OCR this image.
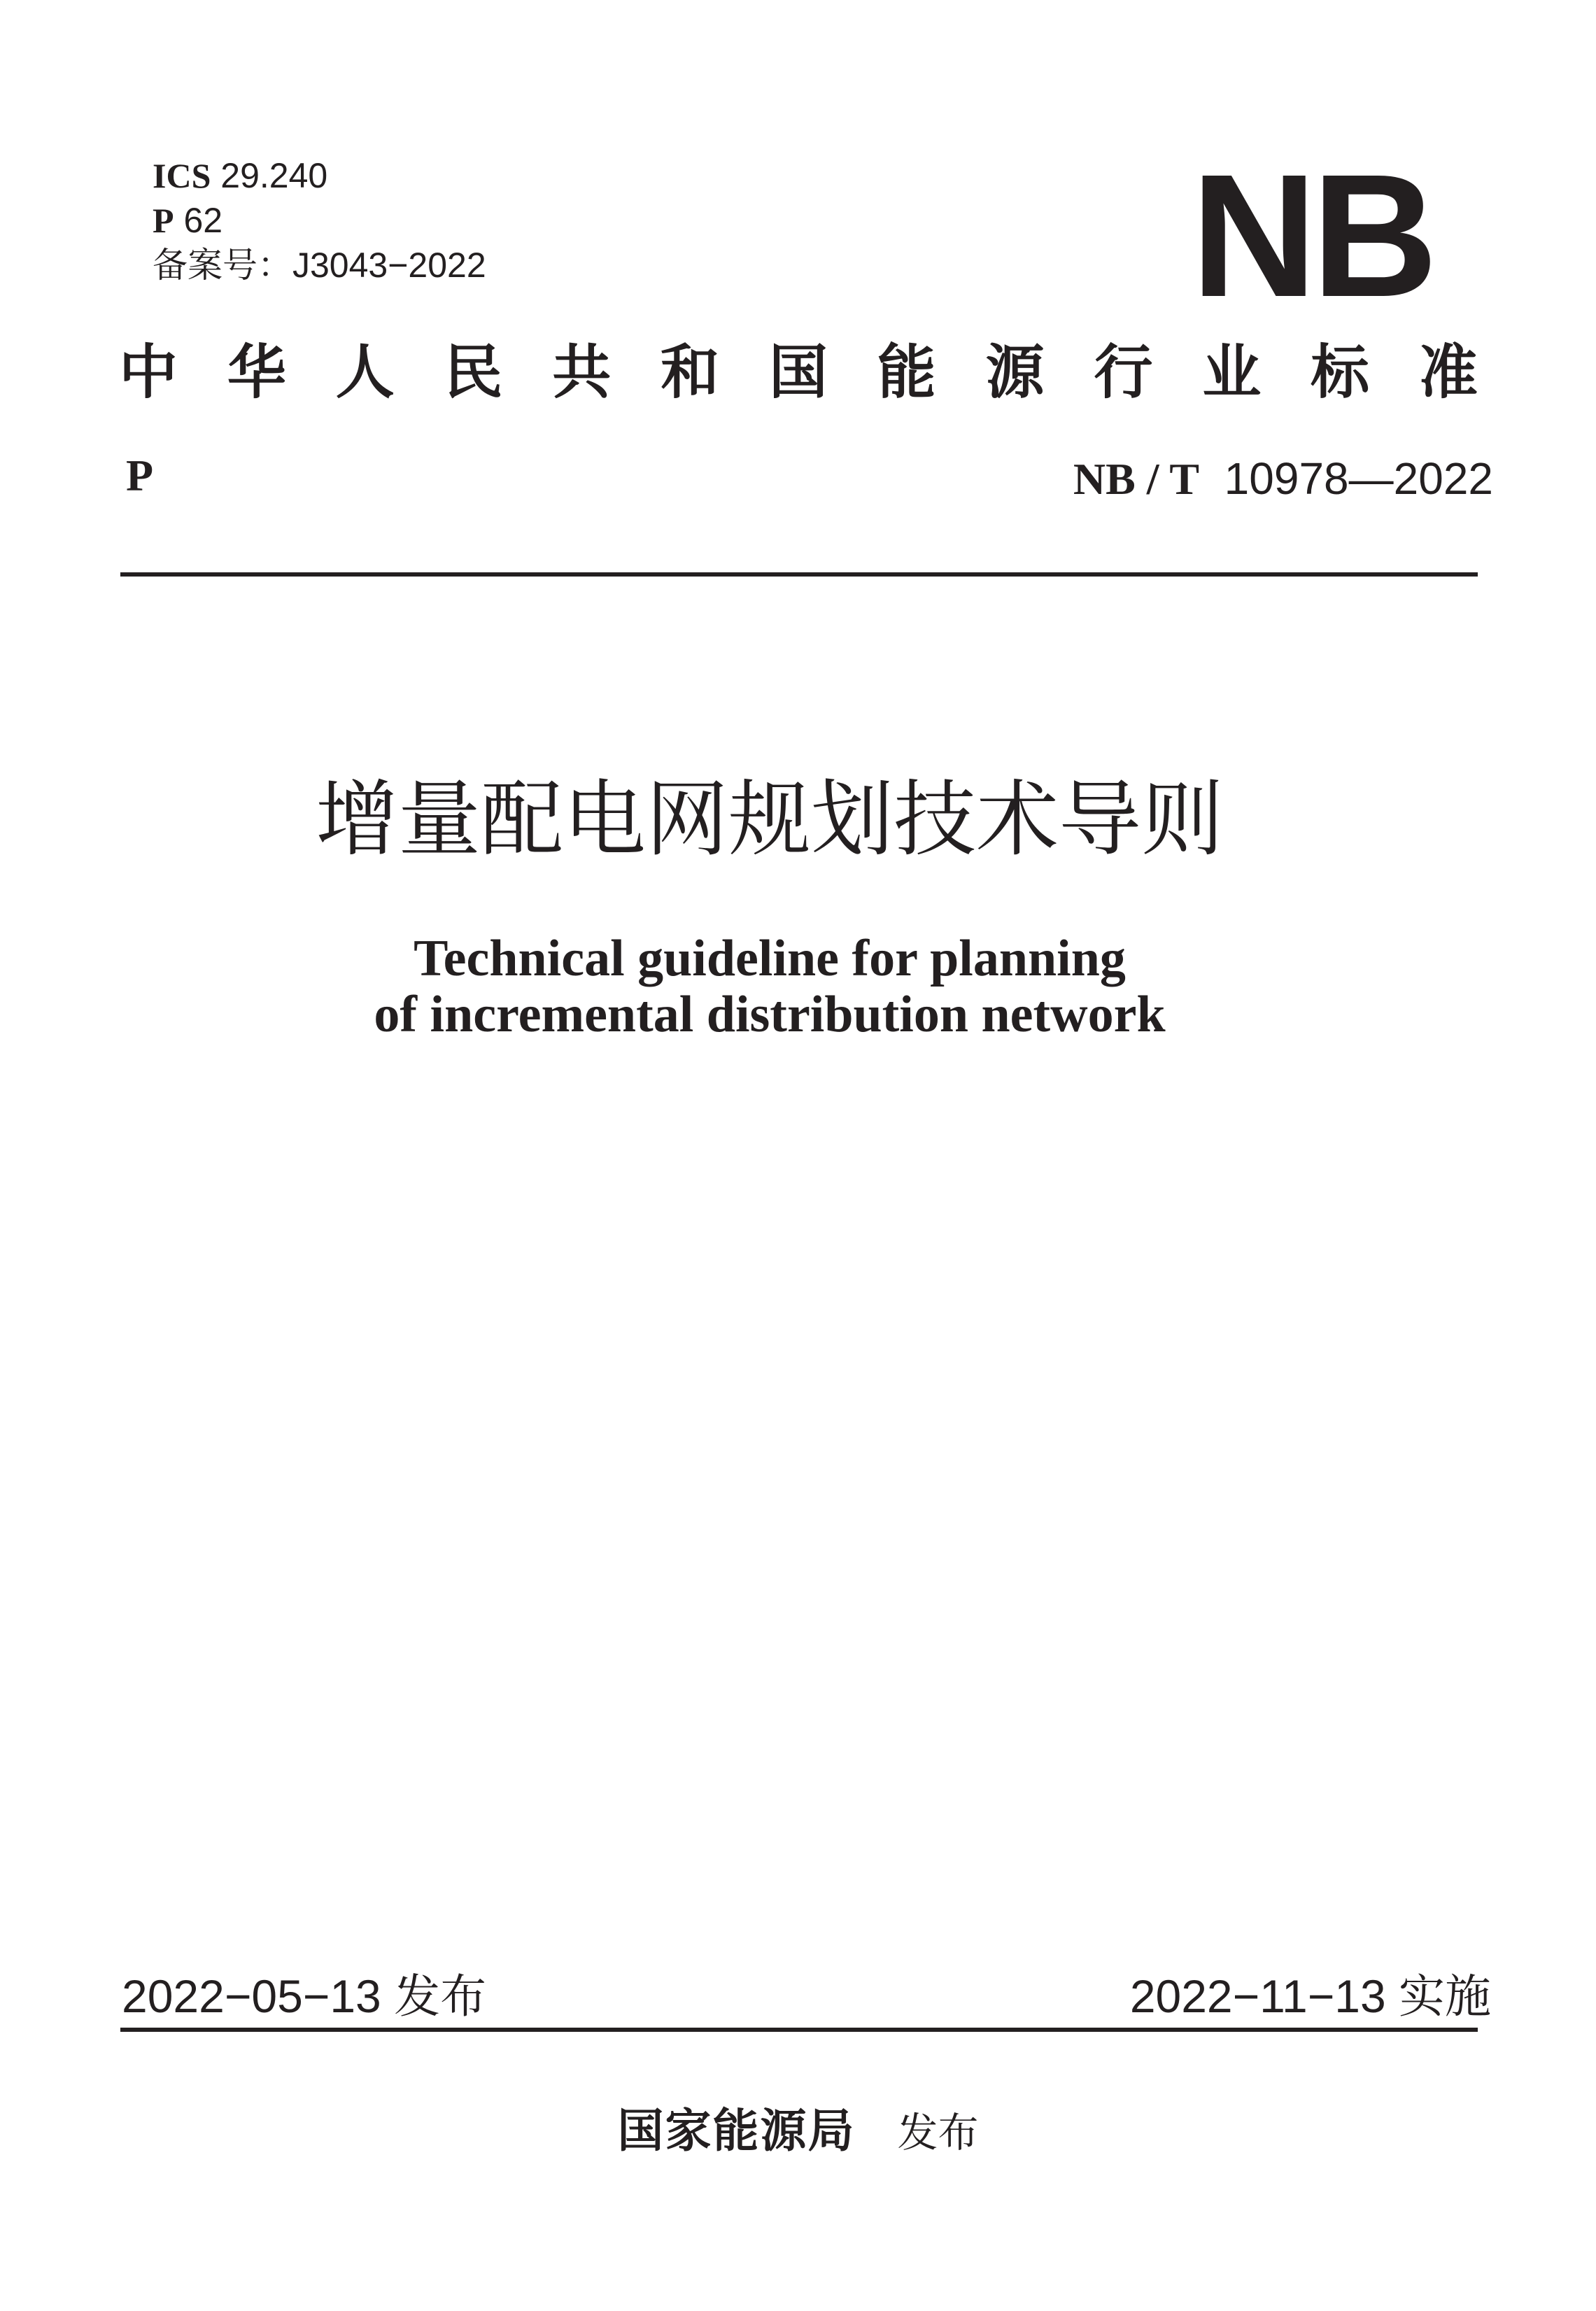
ICS 29.240
P 62
备案号：J3043−2022	NB
中 华 人 民 共 和 国 能 源 行 业 标 准
P	NB / T 10978—2022
增量配电网规划技术导则
Technical guideline for planning
of incremental distribution network
2022−05−13 发布	2022−11−13 实施
国家能源局 发布
